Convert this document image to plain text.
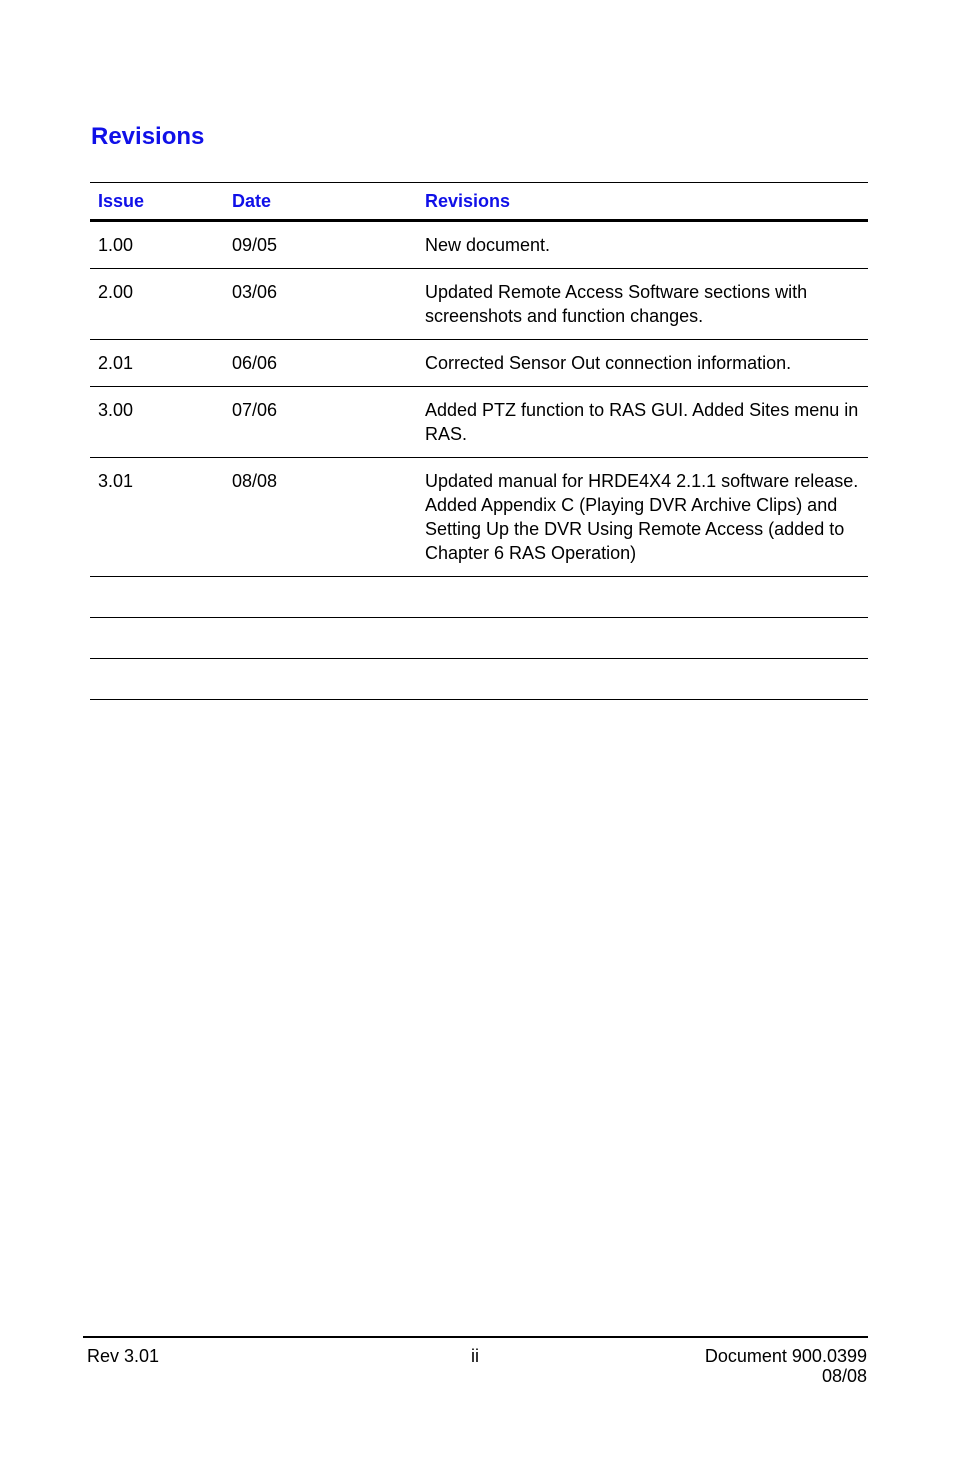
Revisions
Issue	Date	Revisions
1.00	09/05	New document.
2.00	03/06	Updated Remote Access Software sections with screenshots and function changes.
2.01	06/06	Corrected Sensor Out connection information.
3.00	07/06	Added PTZ function to RAS GUI. Added Sites menu in RAS.
3.01	08/08	Updated manual for HRDE4X4 2.1.1 software release. Added Appendix C (Playing DVR Archive Clips) and Setting Up the DVR Using Remote Access (added to Chapter 6 RAS Operation)

Rev 3.01	ii	Document 900.0399
08/08
